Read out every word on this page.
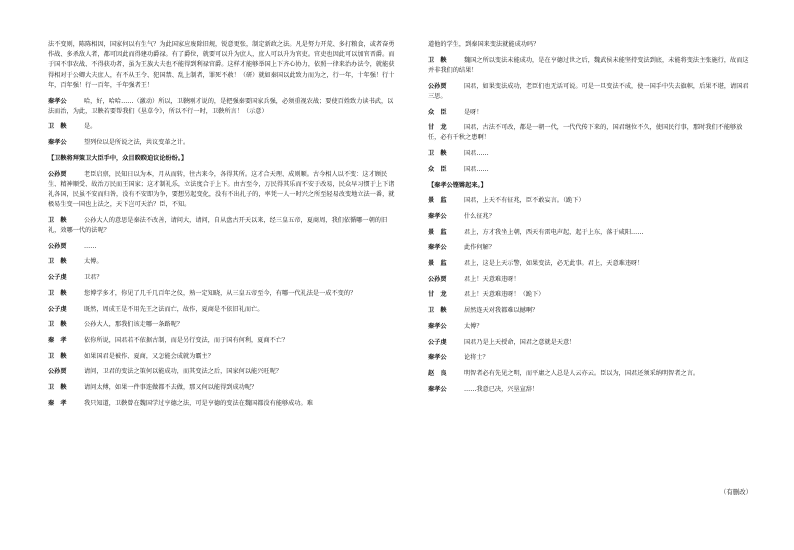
法不变则，陈陈相因，国家何以有生气？为此国家应废除旧规，锐意更张，制定新政之法。凡是努力开荒、多打粮食，或者奋勇作战、多杀敌人者，都可因此而得建功爵禄。有了爵位，就要可以升为庶人，庶人可以升为官吏。官吏也因此可以加官晋爵。而于国不事农战、不得获功者，虽为王族大夫也不能得到利禄官爵。这样才能够举国上下齐心协力，依照一律来治办法令，就能获得相对于公卿大夫庶人，有不从王令、犯国禁、乱上制者，罪死不赦！（研）就如秦国以此致力而为之，行一年，十年强！行十年，百年强！行一百年，千年强者王！

秦孝公	哈，好，哈哈……（激动）所以，卫鞅刚才说的，是把强秦要国家兵强，必须重视农战；要使百姓致力读书武，以法而治，为此，卫鞅若要帮我们《垦草令》，所以不行一时，卫鞅所言！（示意）

卫　鞅	是。

秦孝公	望列位以是所说之法，共议变革之计。

【卫鞅将拜策卫大臣手中，众目睽睽迫议论纷纷。】

公孙贾	老臣启禀，民知日以为本，月从而转，往古来今，各得其所。这才合天理、成则顺。古今相人以不变：这才顾民生、精神顺受、故治万民而王国家；这才制礼乐，立法度合于上下。由古至今，万民得其乐而不安于改易，民众早习惯于上下诸礼各国，民虽不安而归咎，没有不安即为争，要想另起变化，没有不出扎子的，率凭一人一时兴之所至轻易改变地立法一番，就极易生变一国也上法之，天下岂可天治？臣，不知。

卫　鞅	公孙大人的意思是秦法不改善，请问大，请问，自从盘古开天以来，经三皇五帝，夏商周，我们依循哪一朝的旧礼，效哪一代的法呢？

公孙贾	……

卫　鞅	太傅。

公子虔	卫君？

卫　鞅	您博学多才，你见了几千几百年之仪，熟一定知晓，从三皇五帝至今，有哪一代礼法是一成不变的？

公子虔	既然，周成王是不用先王之法而亡，故作，夏商是不依旧礼而亡。

卫　鞅	公孙大人，那我们该走哪一条路呢？

秦　孝	依你所说，国君若不依据古制，而是另行变法，而于国有何利，夏商不亡？

卫　鞅	如果国君是被作、夏商，又怎能会成就为霸主？

公孙贾	请问，卫君的变法之策何以能成功，而其变法之后，国家何以能兴旺呢？

卫　鞅	请问太傅，如果一件事连做都不去做，那又何以能得到成功呢？

秦　孝	我只知道，卫鞅曾在魏国学过亨德之法，可是亨德的变法在魏国都没有能够成功。难

道他的学生，到秦国来变法就能成功吗？

卫　鞅	魏国之所以变法未能成功，是在亨德过世之后，魏武侯未能坚持变法到底，未能将变法主张施行，故而这并非我们的结果！

公孙贾	国君，如果变法成功，老臣们也无话可说。可是一旦变法不成，使一国手中失去旗帜，后果不堪，请国君三思。

众　臣	是呀！

甘　龙	国君，古法不可改，都是一朝一代，一代代传下来的，国君继位不久，使国民行事，那时我们不能够放任，必有千秋之患啊！

卫　鞅	国君……

众　臣	国君……

【秦孝公铿锵起来。】

景　监	国君，上天不有征兆，臣不敢妄言。（跪下）

秦孝公	什么征兆？

景　监	君上，方才我坐上朝，西天有雷电声起，起于上东，落于咸阳……

秦孝公	此作何解？

景　监	君上，这是上天示警，如果变法，必无此事。君上，天意难违呀！

公孙贾	君上！天意难违呀！

甘　龙	君上！天意难违呀！（跪下）

卫　鞅	居然连天对我都难以撼啊？

秦孝公	太傅？

公子虔	国君乃是上天授命，国君之意就是天意！

秦孝公	论将士？

赵　良	明智者必有先见之明，而平庸之人总是人云亦云。臣以为，国君还须采纳明智者之言。

秦孝公	……我意已决，兴垦宣辞！

（有删改）
